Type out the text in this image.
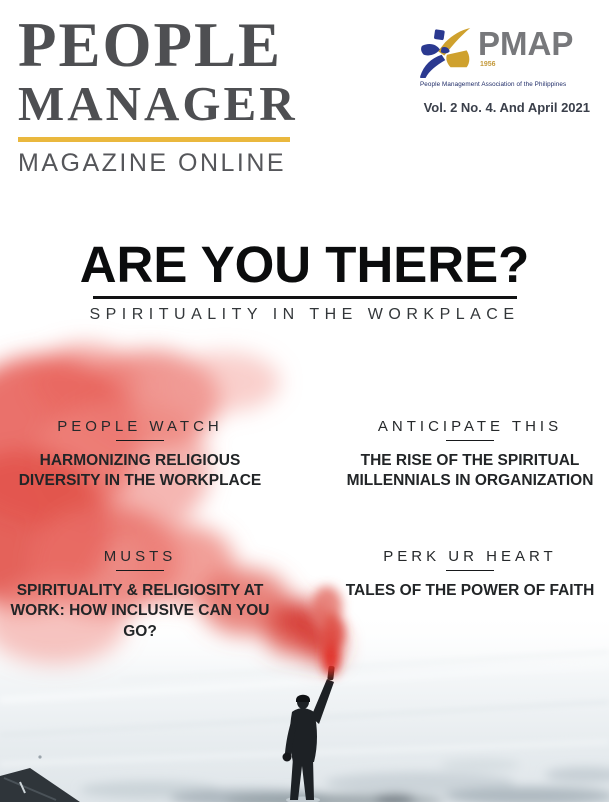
PEOPLE
MANAGER
MAGAZINE ONLINE
PMAP
1956
People Management Association of the Philippines
Vol. 2 No. 4. And April 2021
ARE YOU THERE?
SPIRITUALITY IN THE WORKPLACE
PEOPLE WATCH
HARMONIZING RELIGIOUS DIVERSITY IN THE WORKPLACE
ANTICIPATE THIS
THE RISE OF THE SPIRITUAL MILLENNIALS IN ORGANIZATION
MUSTS
SPIRITUALITY & RELIGIOSITY AT WORK: HOW INCLUSIVE CAN YOU GO?
PERK UR HEART
TALES OF THE POWER OF FAITH
